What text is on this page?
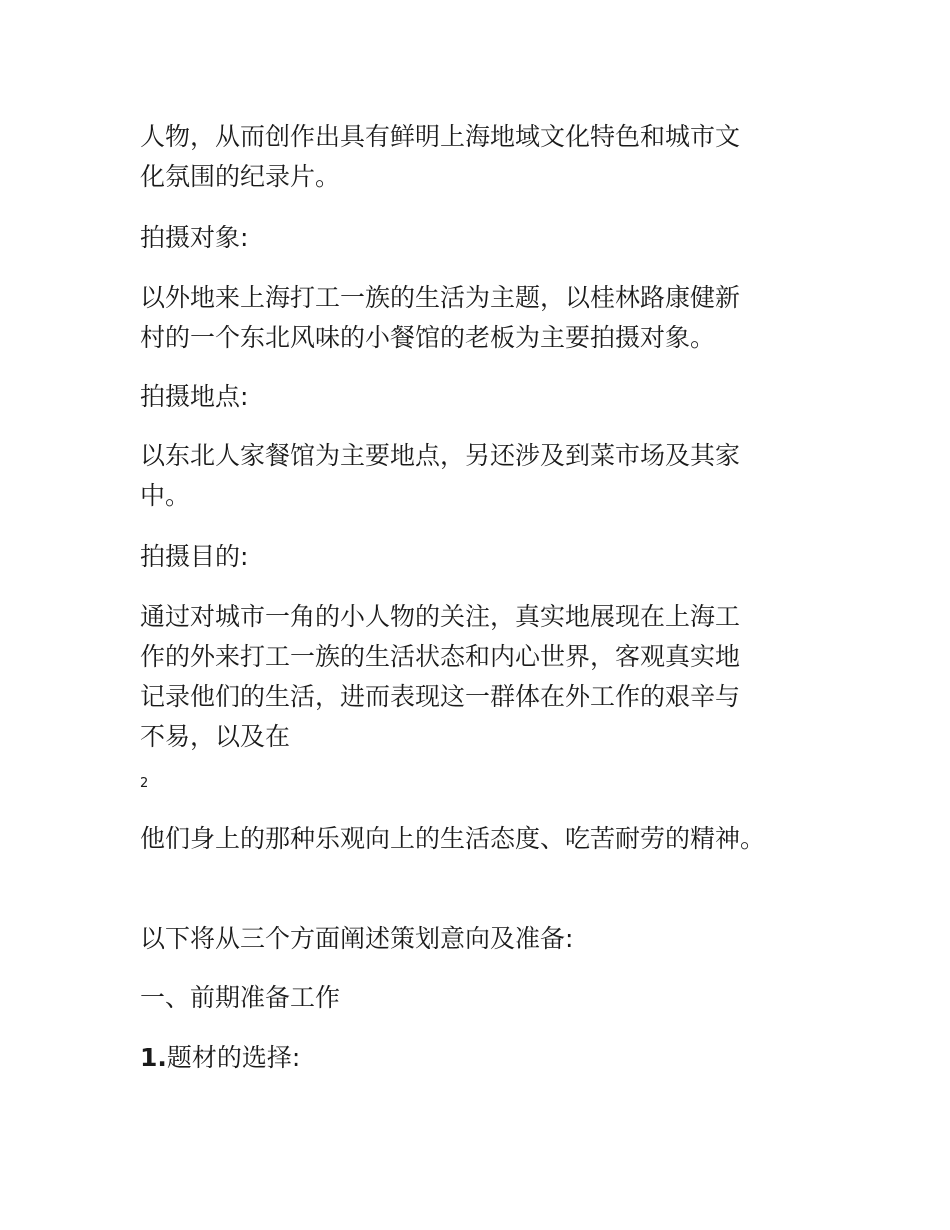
人物，从而创作出具有鲜明上海地域文化特色和城市文
化氛围的纪录片。

拍摄对象:

以外地来上海打工一族的生活为主题，以桂林路康健新
村的一个东北风味的小餐馆的老板为主要拍摄对象。

拍摄地点:

以东北人家餐馆为主要地点，另还涉及到菜市场及其家
中。

拍摄目的:

通过对城市一角的小人物的关注，真实地展现在上海工
作的外来打工一族的生活状态和内心世界，客观真实地
记录他们的生活，进而表现这一群体在外工作的艰辛与
不易，以及在

2

他们身上的那种乐观向上的生活态度、吃苦耐劳的精神。

以下将从三个方面阐述策划意向及准备:

一、前期准备工作

1.题材的选择:
